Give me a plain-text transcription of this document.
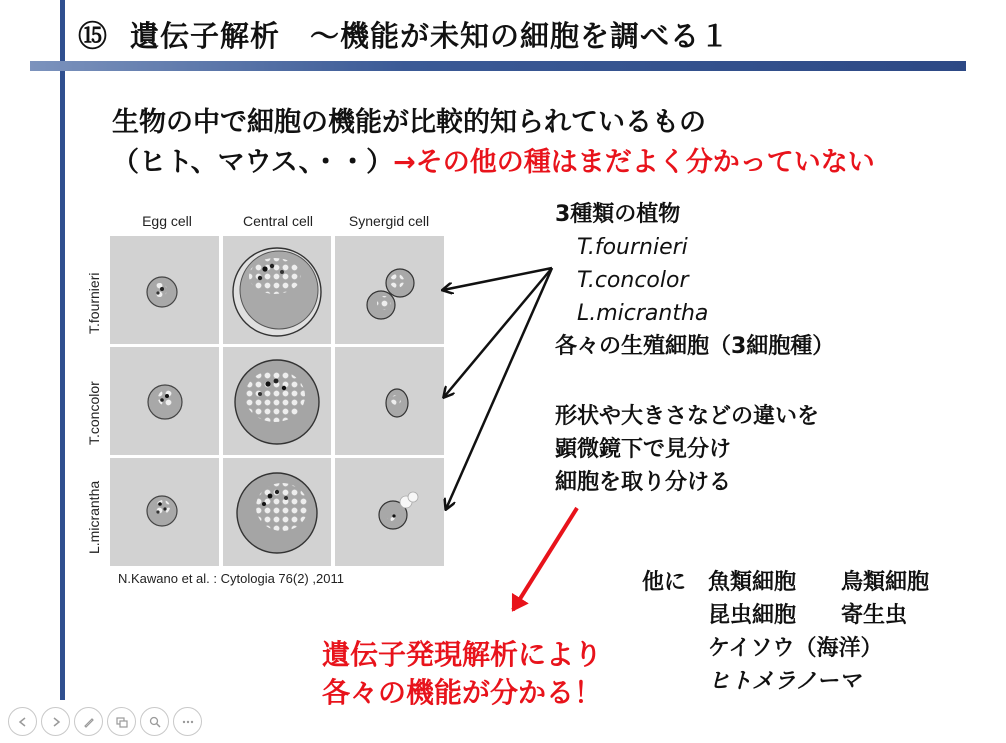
⑮ 遺伝子解析　～機能が未知の細胞を調べる１
生物の中で細胞の機能が比較的知られているもの
（ヒト、マウス、・・）→その他の種はまだよく分かっていない
Egg cell	Central cell	Synergid cell
T.fournieri
T.concolor
L.micrantha
N.Kawano et al. : Cytologia 76(2) ,2011
3種類の植物
T.fournieri
T.concolor
L.micrantha
各々の生殖細胞（3細胞種）
形状や大きさなどの違いを
顕微鏡下で見分け
細胞を取り分ける
他に 魚類細胞	鳥類細胞
昆虫細胞	寄生虫
ケイソウ（海洋）
ヒトメラノーマ
遺伝子発現解析により
各々の機能が分かる！
